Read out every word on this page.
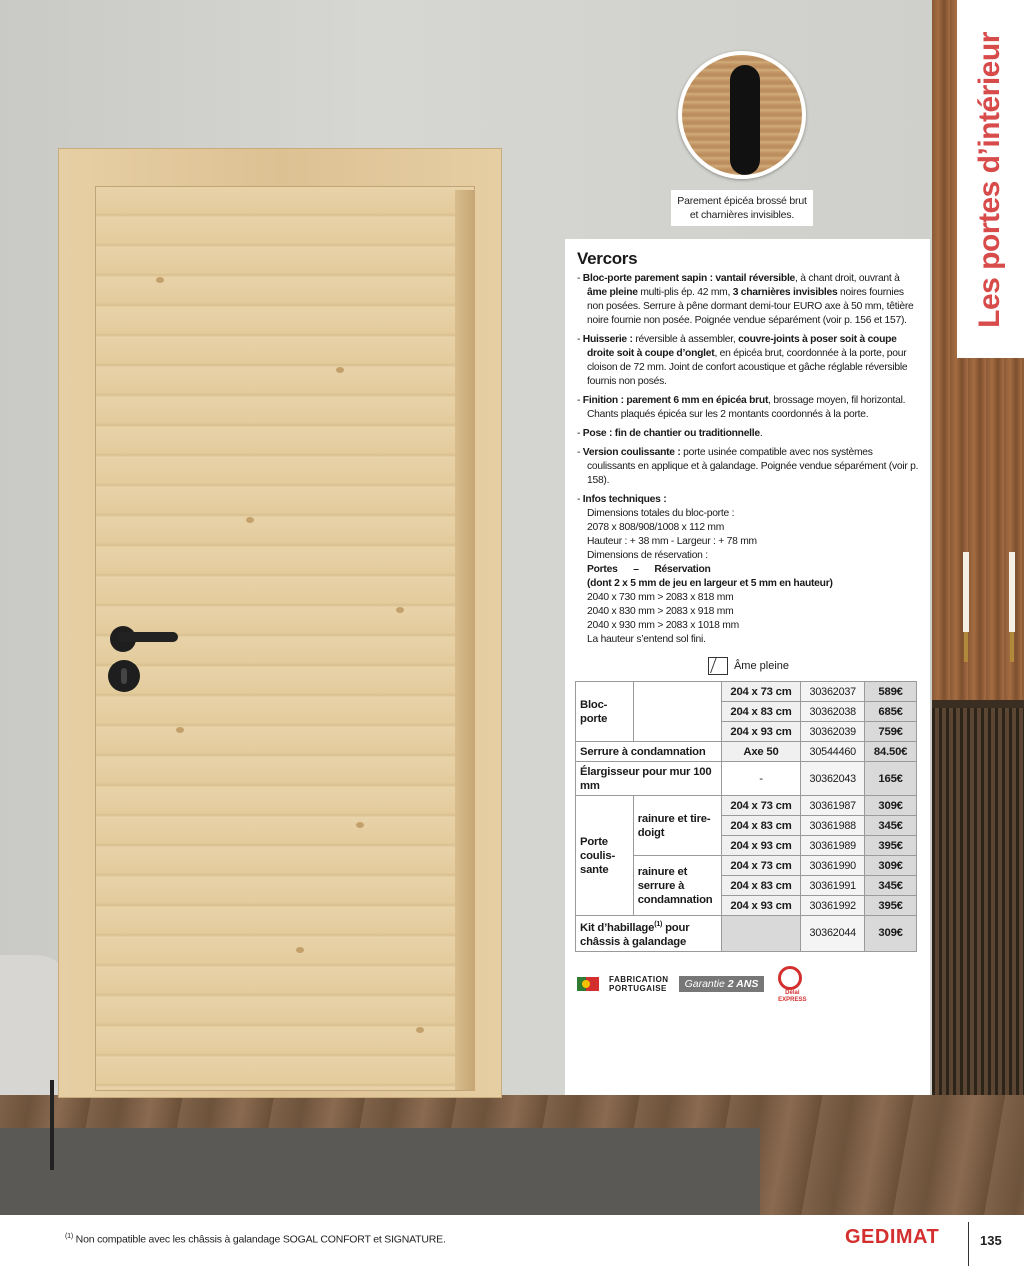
Parement épicéa brossé brut
et charnières invisibles.	Les portes d’intérieur
Vercors
- Bloc-porte parement sapin : vantail réversible, à chant droit, ouvrant à âme pleine multi-plis ép. 42 mm, 3 charnières invisibles noires fournies non posées. Serrure à pêne dormant demi-tour EURO axe à 50 mm, têtière noire fournie non posée. Poignée vendue séparément (voir p. 156 et 157).
- Huisserie : réversible à assembler, couvre-joints à poser soit à coupe droite soit à coupe d’onglet, en épicéa brut, coordonnée à la porte, pour cloison de 72 mm. Joint de confort acoustique et gâche réglable réversible fournis non posés.
- Finition : parement 6 mm en épicéa brut, brossage moyen, fil horizontal. Chants plaqués épicéa sur les 2 montants coordonnés à la porte.
- Pose : fin de chantier ou traditionnelle.
- Version coulissante : porte usinée compatible avec nos systèmes coulissants en applique et à galandage. Poignée vendue séparément (voir p. 158).
- Infos techniques :
Dimensions totales du bloc-porte :
2078 x 808/908/1008 x 112 mm
Hauteur : + 38 mm - Largeur : + 78 mm
Dimensions de réservation :
Portes      –      Réservation
(dont 2 x 5 mm de jeu en largeur et 5 mm en hauteur)
2040 x 730 mm > 2083 x 818 mm
2040 x 830 mm > 2083 x 918 mm
2040 x 930 mm > 2083 x 1018 mm
La hauteur s’entend sol fini.
Âme pleine
Bloc-
porte		204 x 73 cm	30362037	589€
		204 x 83 cm	30362038	685€
		204 x 93 cm	30362039	759€
Serrure à condamnation		Axe 50	30544460	84.50€
Élargisseur pour mur 100 mm		-	30362043	165€
Porte
coulis-
sante	rainure et tire-doigt	204 x 73 cm	30361987	309€
		204 x 83 cm	30361988	345€
		204 x 93 cm	30361989	395€
	rainure et serrure à condamnation	204 x 73 cm	30361990	309€
		204 x 83 cm	30361991	345€
		204 x 93 cm	30361992	395€
Kit d’habillage$^{(1)}$ pour châssis à galandage			30362044	309€
FABRICATION
PORTUGAISE	Garantie 2 ANS
Délai
EXPRESS
$^{(1)}$ Non compatible avec les châssis à galandage SOGAL CONFORT et SIGNATURE.	GEDIMAT	135
